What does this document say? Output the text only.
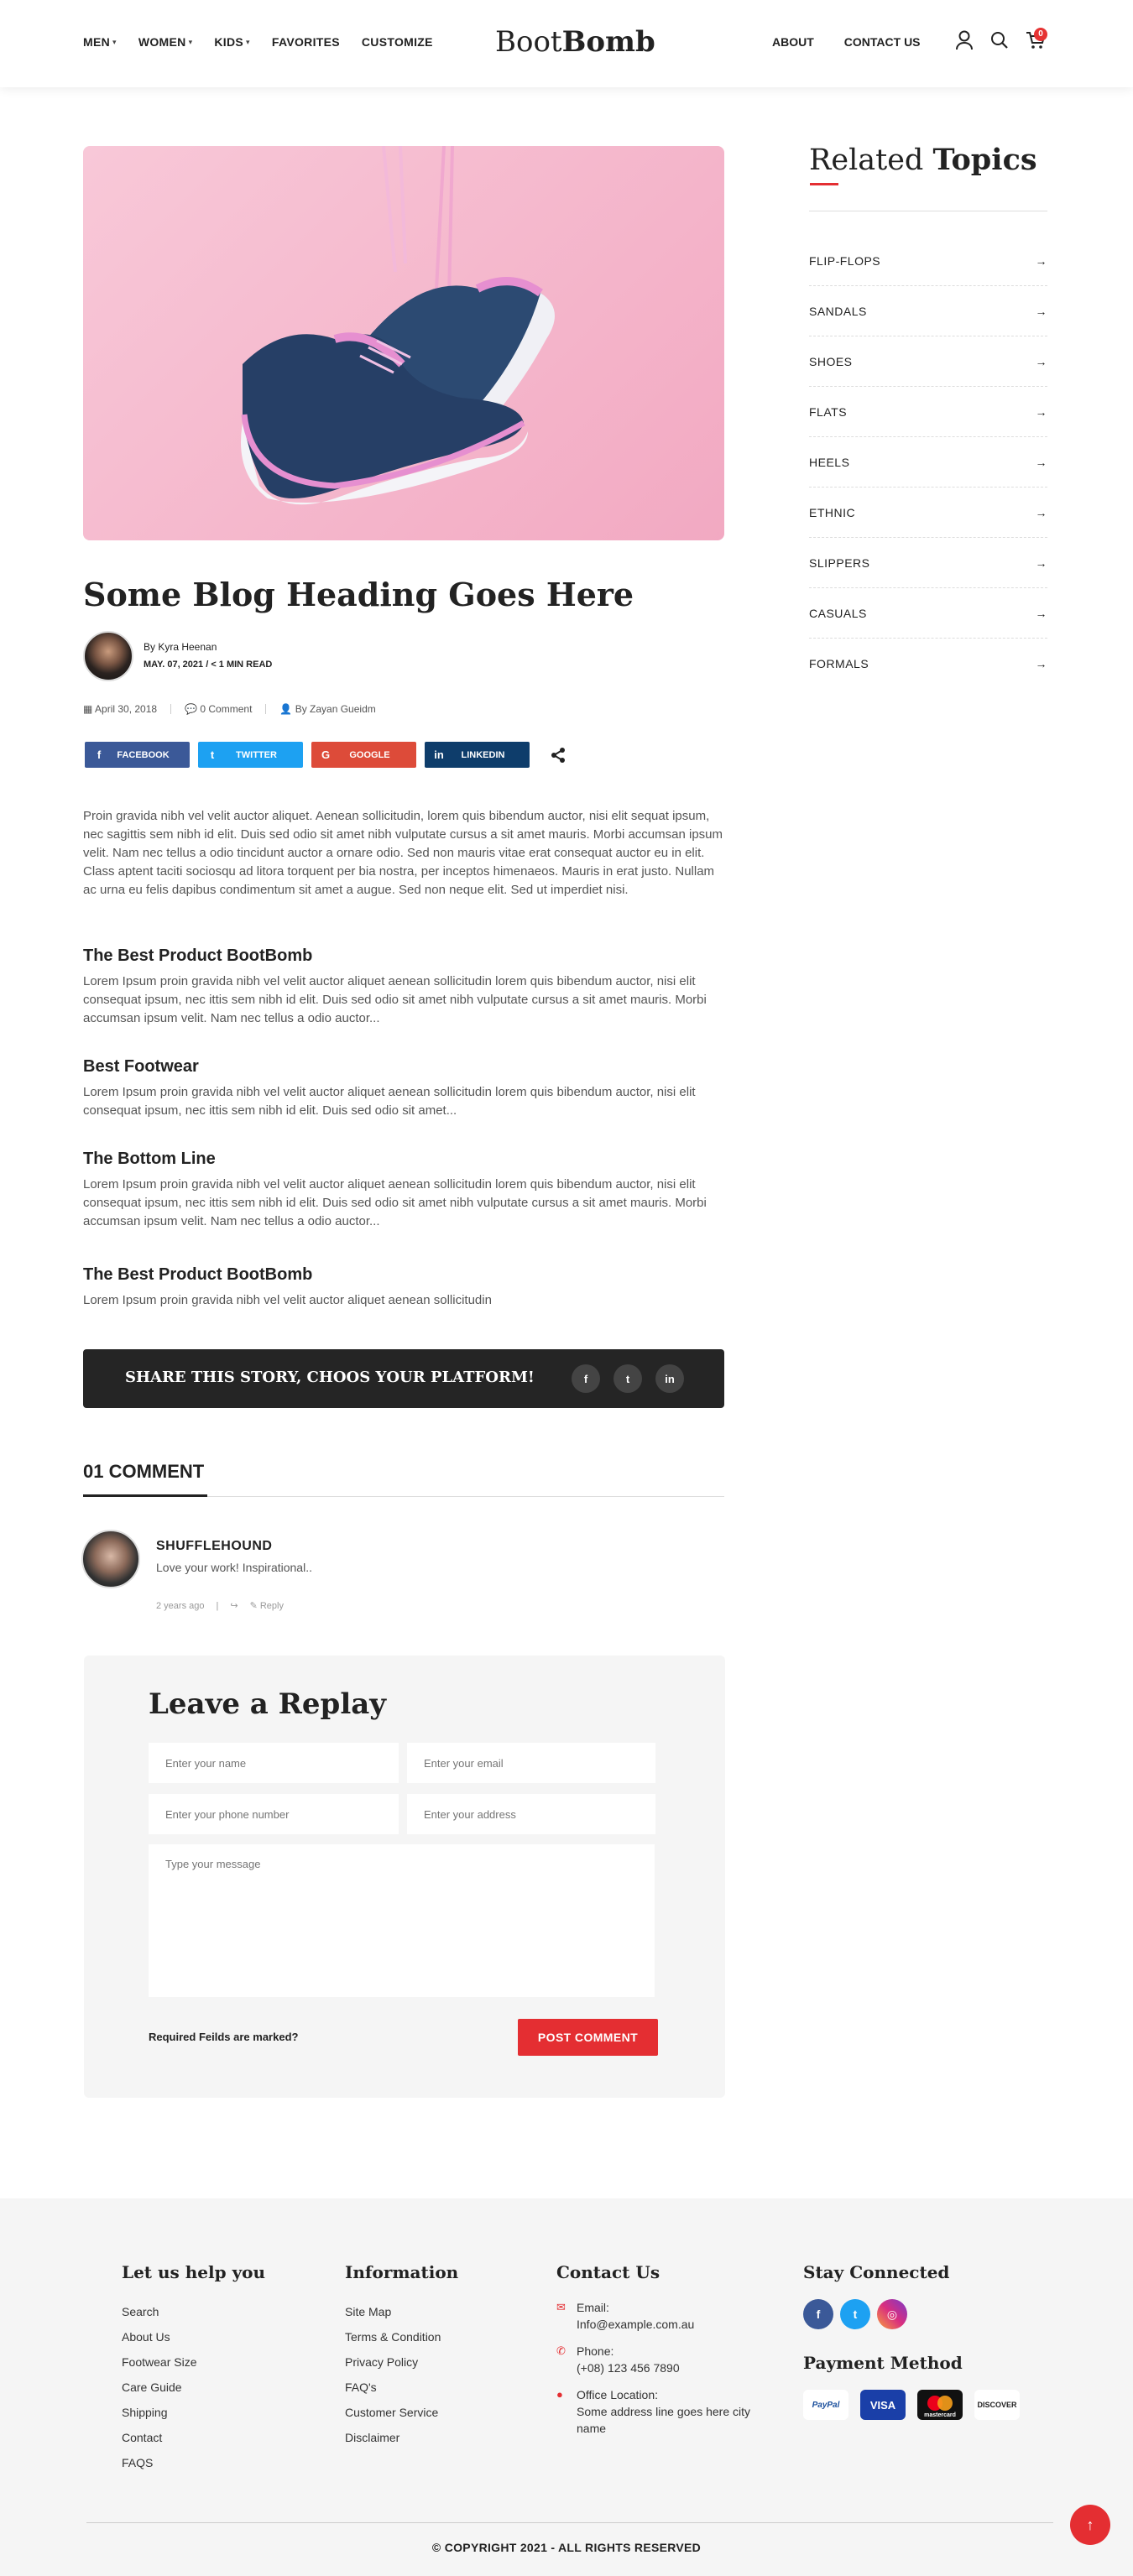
MEN ▾ WOMEN ▾ KIDS ▾ FAVORITES CUSTOMIZE BootBomb	ABOUT	CONTACT US
0
Some Blog Heading Goes Here
By Kyra Heenan
MAY. 07, 2021 / < 1 MIN READ
▦ April 30, 2018	💬 0 Comment	👤 By Zayan Gueidm
f	FACEBOOK	t	TWITTER	G	GOOGLE	in	LINKEDIN

Proin gravida nibh vel velit auctor aliquet. Aenean sollicitudin, lorem quis bibendum auctor, nisi elit sequat ipsum, nec sagittis sem nibh id elit. Duis sed odio sit amet nibh vulputate cursus a sit amet mauris. Morbi accumsan ipsum velit. Nam nec tellus a odio tincidunt auctor a ornare odio. Sed non mauris vitae erat consequat auctor eu in elit. Class aptent taciti sociosqu ad litora torquent per bia nostra, per inceptos himenaeos. Mauris in erat justo. Nullam ac urna eu felis dapibus condimentum sit amet a augue. Sed non neque elit. Sed ut imperdiet nisi.

The Best Product BootBomb

Lorem Ipsum proin gravida nibh vel velit auctor aliquet aenean sollicitudin lorem quis bibendum auctor, nisi elit consequat ipsum, nec ittis sem nibh id elit. Duis sed odio sit amet nibh vulputate cursus a sit amet mauris. Morbi accumsan ipsum velit. Nam nec tellus a odio auctor...

Best Footwear

Lorem Ipsum proin gravida nibh vel velit auctor aliquet aenean sollicitudin lorem quis bibendum auctor, nisi elit consequat ipsum, nec ittis sem nibh id elit. Duis sed odio sit amet...

The Bottom Line

Lorem Ipsum proin gravida nibh vel velit auctor aliquet aenean sollicitudin lorem quis bibendum auctor, nisi elit consequat ipsum, nec ittis sem nibh id elit. Duis sed odio sit amet nibh vulputate cursus a sit amet mauris. Morbi accumsan ipsum velit. Nam nec tellus a odio auctor...

The Best Product BootBomb

Lorem Ipsum proin gravida nibh vel velit auctor aliquet aenean sollicitudin

SHARE THIS STORY, CHOOS YOUR PLATFORM!	f	t	in
01 COMMENT
SHUFFLEHOUND
Love your work! Inspirational..
2 years ago | ↪ ✎ Reply
Leave a Replay
Enter your name
Enter your email
Enter your phone number
Enter your address
Type your message
Required Feilds are marked?	POST COMMENT
Related Topics
FLIP-FLOPS	→
SANDALS	→
SHOES	→
FLATS	→
HEELS	→
ETHNIC	→
SLIPPERS	→
CASUALS	→
FORMALS	→
Let us help you
Search
About Us
Footwear Size
Care Guide
Shipping
Contact
FAQS
Information
Site Map
Terms & Condition
Privacy Policy
FAQ's
Customer Service
Disclaimer
Contact Us
✉ Email:
Info@example.com.au
✆ Phone:
(+08) 123 456 7890
● Office Location:
Some address line goes here city name
Stay Connected
f	t	◎
Payment Method
PayPal	VISA
mastercard
DISCOVER
© COPYRIGHT 2021 - ALL RIGHTS RESERVED
↑
